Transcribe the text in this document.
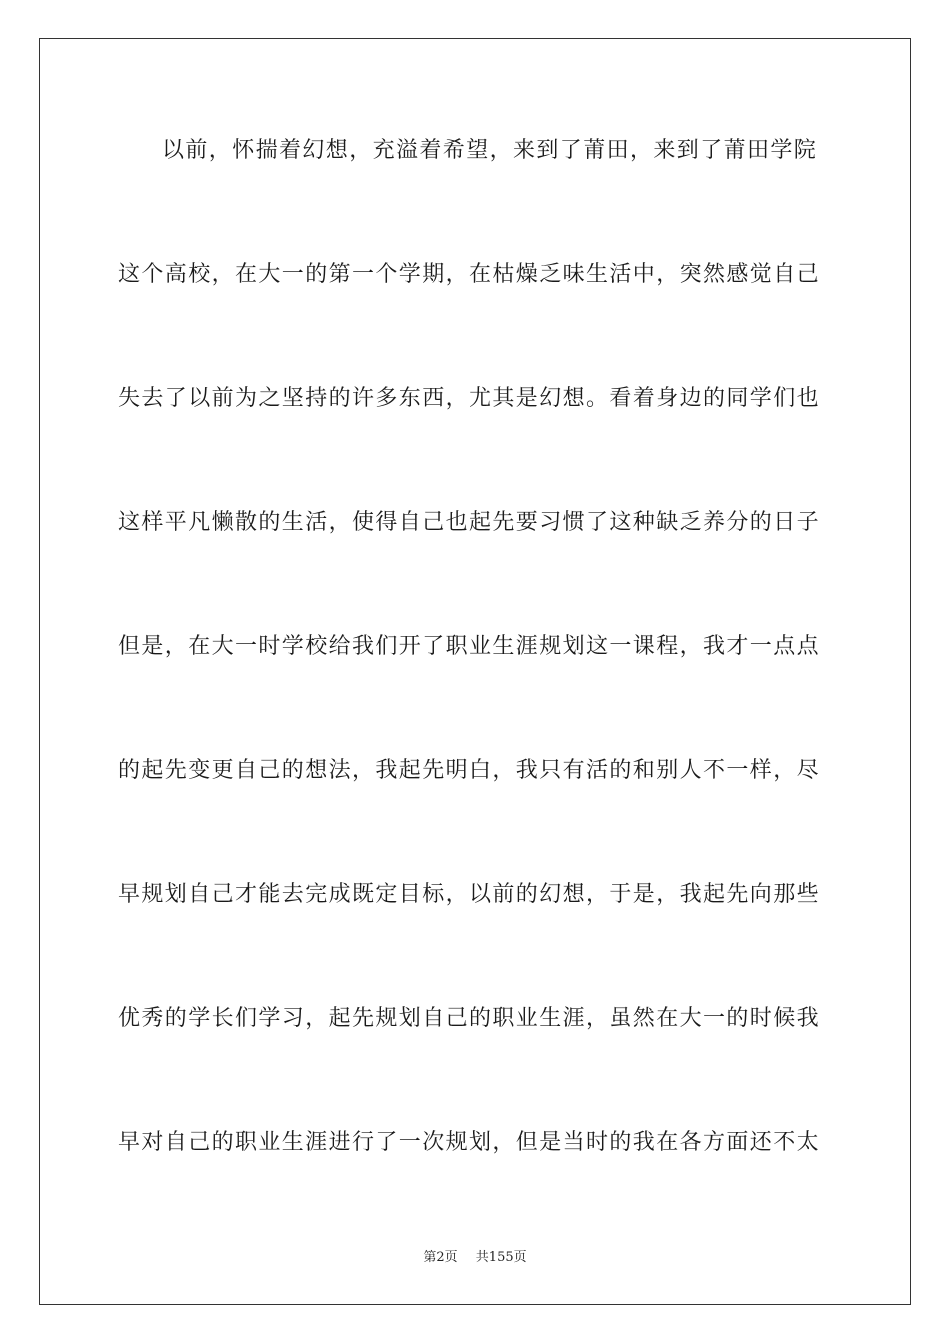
以前，怀揣着幻想，充溢着希望，来到了莆田，来到了莆田学院
这个高校，在大一的第一个学期，在枯燥乏味生活中，突然感觉自己
失去了以前为之坚持的许多东西，尤其是幻想。看着身边的同学们也
这样平凡懒散的生活，使得自己也起先要习惯了这种缺乏养分的日子
但是，在大一时学校给我们开了职业生涯规划这一课程，我才一点点
的起先变更自己的想法，我起先明白，我只有活的和别人不一样，尽
早规划自己才能去完成既定目标，以前的幻想，于是，我起先向那些
优秀的学长们学习，起先规划自己的职业生涯，虽然在大一的时候我
早对自己的职业生涯进行了一次规划，但是当时的我在各方面还不太
第2页 共155页
